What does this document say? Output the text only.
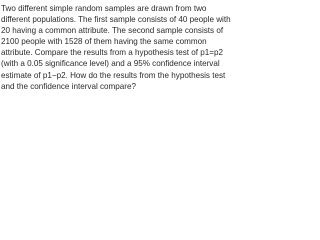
Two different simple random samples are drawn from two
different populations. The first sample consists of 40 people with
20 having a common attribute. The second sample consists of
2100 people with 1528 of them having the same common
attribute. Compare the results from a hypothesis test of p1=p2
(with a 0.05 significance level) and a 95% confidence interval
estimate of p1−p2. How do the results from the hypothesis test
and the confidence interval compare?
